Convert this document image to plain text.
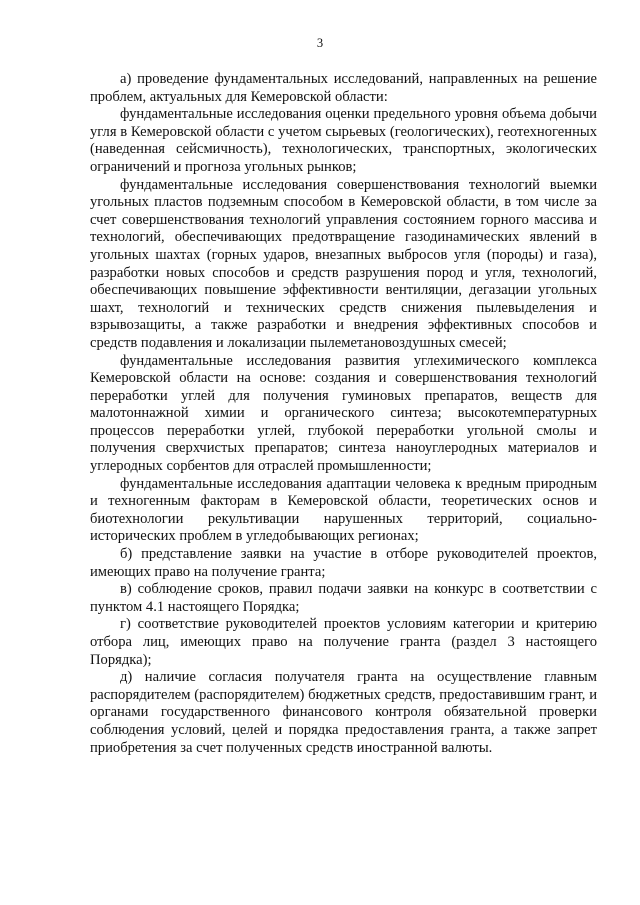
3

а) проведение фундаментальных исследований, направленных на решение проблем, актуальных для Кемеровской области:

фундаментальные исследования оценки предельного уровня объема добычи угля в Кемеровской области с учетом сырьевых (геологических), геотехногенных (наведенная сейсмичность), технологических, транспортных, экологических ограничений и прогноза угольных рынков;

фундаментальные исследования совершенствования технологий выемки угольных пластов подземным способом в Кемеровской области, в том числе за счет совершенствования технологий управления состоянием горного массива и технологий, обеспечивающих предотвращение газодинамических явлений в угольных шахтах (горных ударов, внезапных выбросов угля (породы) и газа), разработки новых способов и средств разрушения пород и угля, технологий, обеспечивающих повышение эффективности вентиляции, дегазации угольных шахт, технологий и технических средств снижения пылевыделения и взрывозащиты, а также разработки и внедрения эффективных способов и средств подавления и локализации пылеметановоздушных смесей;

фундаментальные исследования развития углехимического комплекса Кемеровской области на основе: создания и совершенствования технологий переработки углей для получения гуминовых препаратов, веществ для малотоннажной химии и органического синтеза; высокотемпературных процессов переработки углей, глубокой переработки угольной смолы и получения сверхчистых препаратов; синтеза наноуглеродных материалов и углеродных сорбентов для отраслей промышленности;

фундаментальные исследования адаптации человека к вредным природным и техногенным факторам в Кемеровской области, теоретических основ и биотехнологии рекультивации нарушенных территорий, социально-исторических проблем в угледобывающих регионах;

б) представление заявки на участие в отборе руководителей проектов, имеющих право на получение гранта;

в) соблюдение сроков, правил подачи заявки на конкурс в соответствии с пунктом 4.1 настоящего Порядка;

г) соответствие руководителей проектов условиям категории и критерию отбора лиц, имеющих право на получение гранта (раздел 3 настоящего Порядка);

д) наличие согласия получателя гранта на осуществление главным распорядителем (распорядителем) бюджетных средств, предоставившим грант, и органами государственного финансового контроля обязательной проверки соблюдения условий, целей и порядка предоставления гранта, а также запрет приобретения за счет полученных средств иностранной валюты.
